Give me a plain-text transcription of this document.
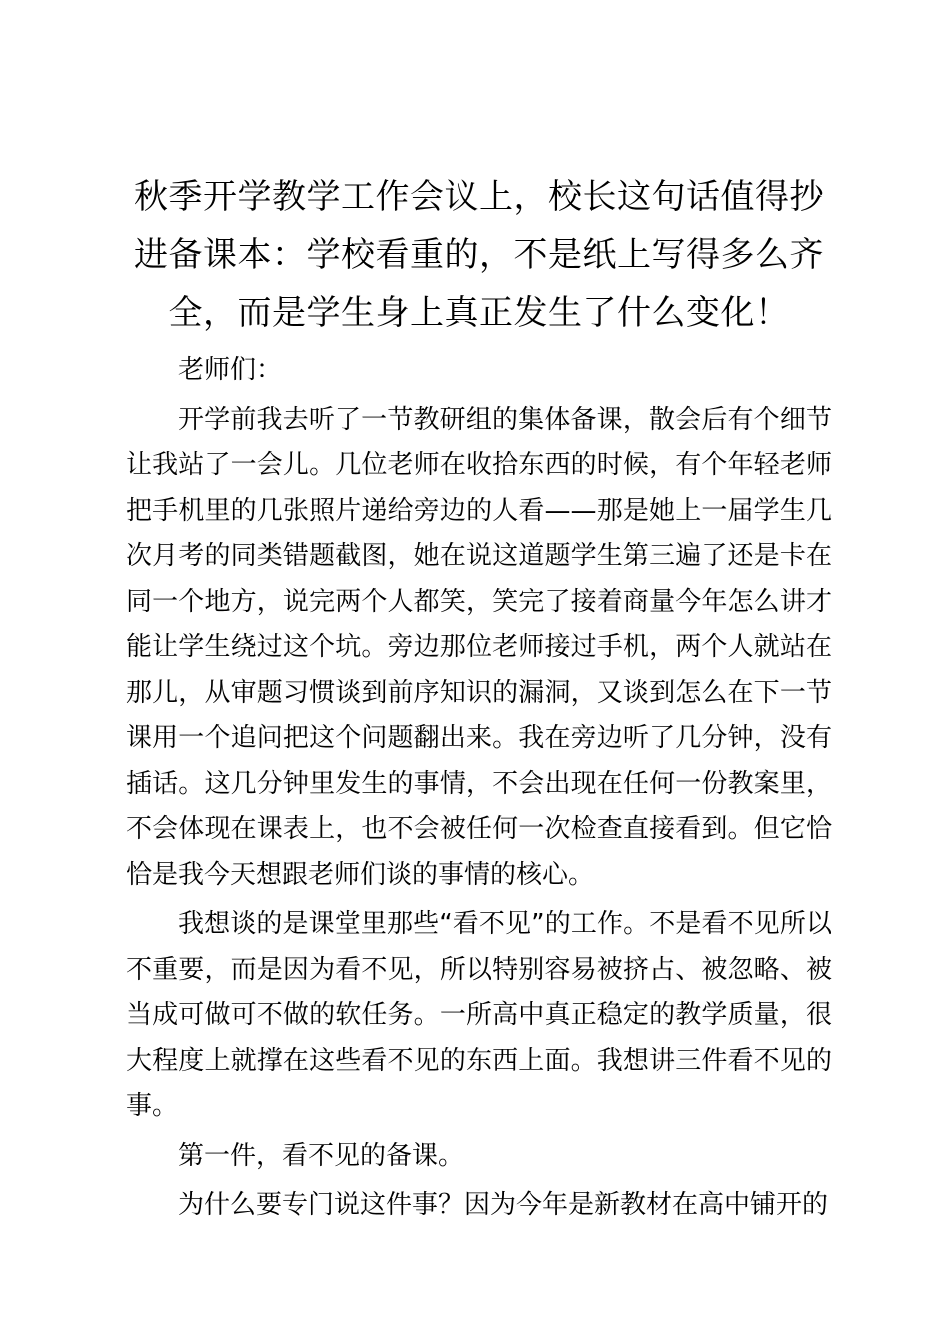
秋季开学教学工作会议上，校长这句话值得抄进备课本：学校看重的，不是纸上写得多么齐全，而是学生身上真正发生了什么变化！

老师们：

开学前我去听了一节教研组的集体备课，散会后有个细节让我站了一会儿。几位老师在收拾东西的时候，有个年轻老师把手机里的几张照片递给旁边的人看——那是她上一届学生几次月考的同类错题截图，她在说这道题学生第三遍了还是卡在同一个地方，说完两个人都笑，笑完了接着商量今年怎么讲才能让学生绕过这个坑。旁边那位老师接过手机，两个人就站在那儿，从审题习惯谈到前序知识的漏洞，又谈到怎么在下一节课用一个追问把这个问题翻出来。我在旁边听了几分钟，没有插话。这几分钟里发生的事情，不会出现在任何一份教案里，不会体现在课表上，也不会被任何一次检查直接看到。但它恰恰是我今天想跟老师们谈的事情的核心。

我想谈的是课堂里那些“看不见”的工作。不是看不见所以不重要，而是因为看不见，所以特别容易被挤占、被忽略、被当成可做可不做的软任务。一所高中真正稳定的教学质量，很大程度上就撑在这些看不见的东西上面。我想讲三件看不见的事。

第一件，看不见的备课。

为什么要专门说这件事？因为今年是新教材在高中铺开的
